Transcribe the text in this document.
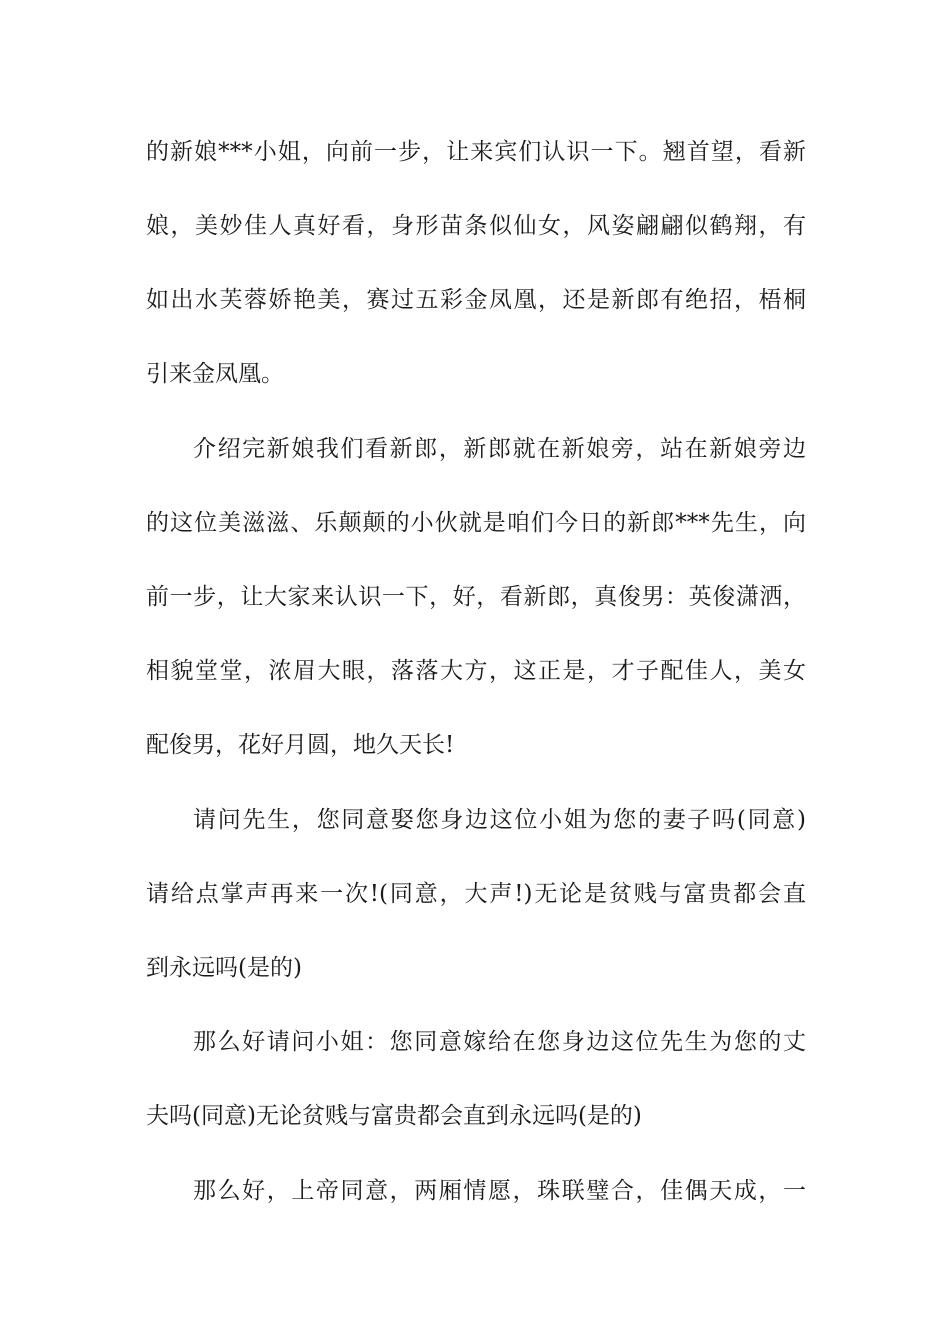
的新娘***小姐，向前一步，让来宾们认识一下。翘首望，看新
娘，美妙佳人真好看，身形苗条似仙女，风姿翩翩似鹤翔，有
如出水芙蓉娇艳美，赛过五彩金凤凰，还是新郎有绝招，梧桐
引来金凤凰。
介绍完新娘我们看新郎，新郎就在新娘旁，站在新娘旁边
的这位美滋滋、乐颠颠的小伙就是咱们今日的新郎***先生，向
前一步，让大家来认识一下，好，看新郎，真俊男：英俊潇洒，
相貌堂堂，浓眉大眼，落落大方，这正是，才子配佳人，美女
配俊男，花好月圆，地久天长!
请问先生，您同意娶您身边这位小姐为您的妻子吗(同意)
请给点掌声再来一次!(同意，大声!)无论是贫贱与富贵都会直
到永远吗(是的)
那么好请问小姐：您同意嫁给在您身边这位先生为您的丈
夫吗(同意)无论贫贱与富贵都会直到永远吗(是的)
那么好，上帝同意，两厢情愿，珠联璧合，佳偶天成，一
